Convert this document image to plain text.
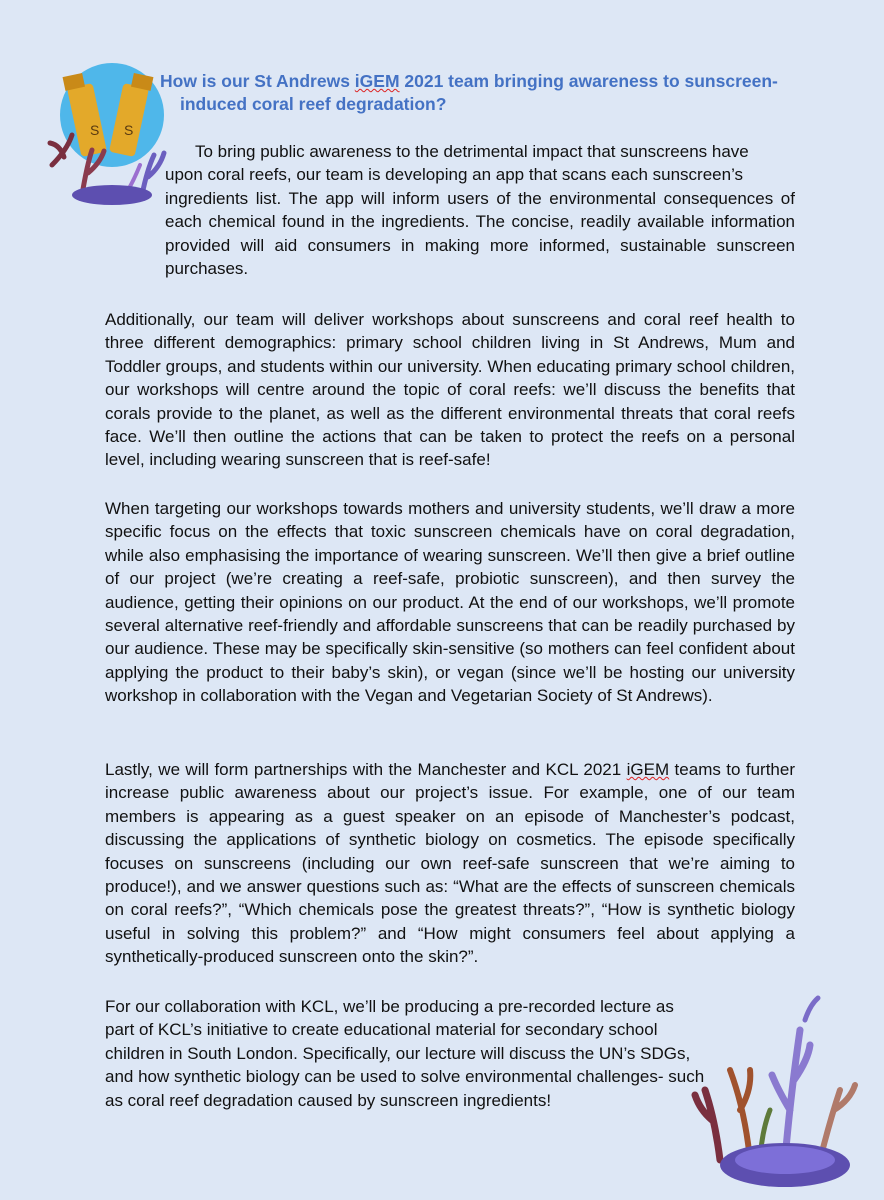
S S
How is our St Andrews iGEM 2021 team bringing awareness to sunscreen-
induced coral reef degradation?
To bring public awareness to the detrimental impact that sunscreens have
upon coral reefs, our team is developing an app that scans each sunscreen’s
ingredients list. The app will inform users of the environmental consequences of each chemical found in the ingredients. The concise, readily available information provided will aid consumers in making more informed, sustainable sunscreen purchases.
Additionally, our team will deliver workshops about sunscreens and coral reef health to three different demographics: primary school children living in St Andrews, Mum and Toddler groups, and students within our university. When educating primary school children, our workshops will centre around the topic of coral reefs: we’ll discuss the benefits that corals provide to the planet, as well as the different environmental threats that coral reefs face. We’ll then outline the actions that can be taken to protect the reefs on a personal level, including wearing sunscreen that is reef-safe!
When targeting our workshops towards mothers and university students, we’ll draw a more specific focus on the effects that toxic sunscreen chemicals have on coral degradation, while also emphasising the importance of wearing sunscreen. We’ll then give a brief outline of our project (we’re creating a reef-safe, probiotic sunscreen), and then survey the audience, getting their opinions on our product. At the end of our workshops, we’ll promote several alternative reef-friendly and affordable sunscreens that can be readily purchased by our audience. These may be specifically skin-sensitive (so mothers can feel confident about applying the product to their baby’s skin), or vegan (since we’ll be hosting our university workshop in collaboration with the Vegan and Vegetarian Society of St Andrews).
Lastly, we will form partnerships with the Manchester and KCL 2021 iGEM teams to further increase public awareness about our project’s issue. For example, one of our team members is appearing as a guest speaker on an episode of Manchester’s podcast, discussing the applications of synthetic biology on cosmetics. The episode specifically focuses on sunscreens (including our own reef-safe sunscreen that we’re aiming to produce!), and we answer questions such as: “What are the effects of sunscreen chemicals on coral reefs?”, “Which chemicals pose the greatest threats?”, “How is synthetic biology useful in solving this problem?” and “How might consumers feel about applying a synthetically-produced sunscreen onto the skin?”.
For our collaboration with KCL, we’ll be producing a pre-recorded lecture as part of KCL’s initiative to create educational material for secondary school children in South London. Specifically, our lecture will discuss the UN’s SDGs, and how synthetic biology can be used to solve environmental challenges- such as coral reef degradation caused by sunscreen ingredients!
